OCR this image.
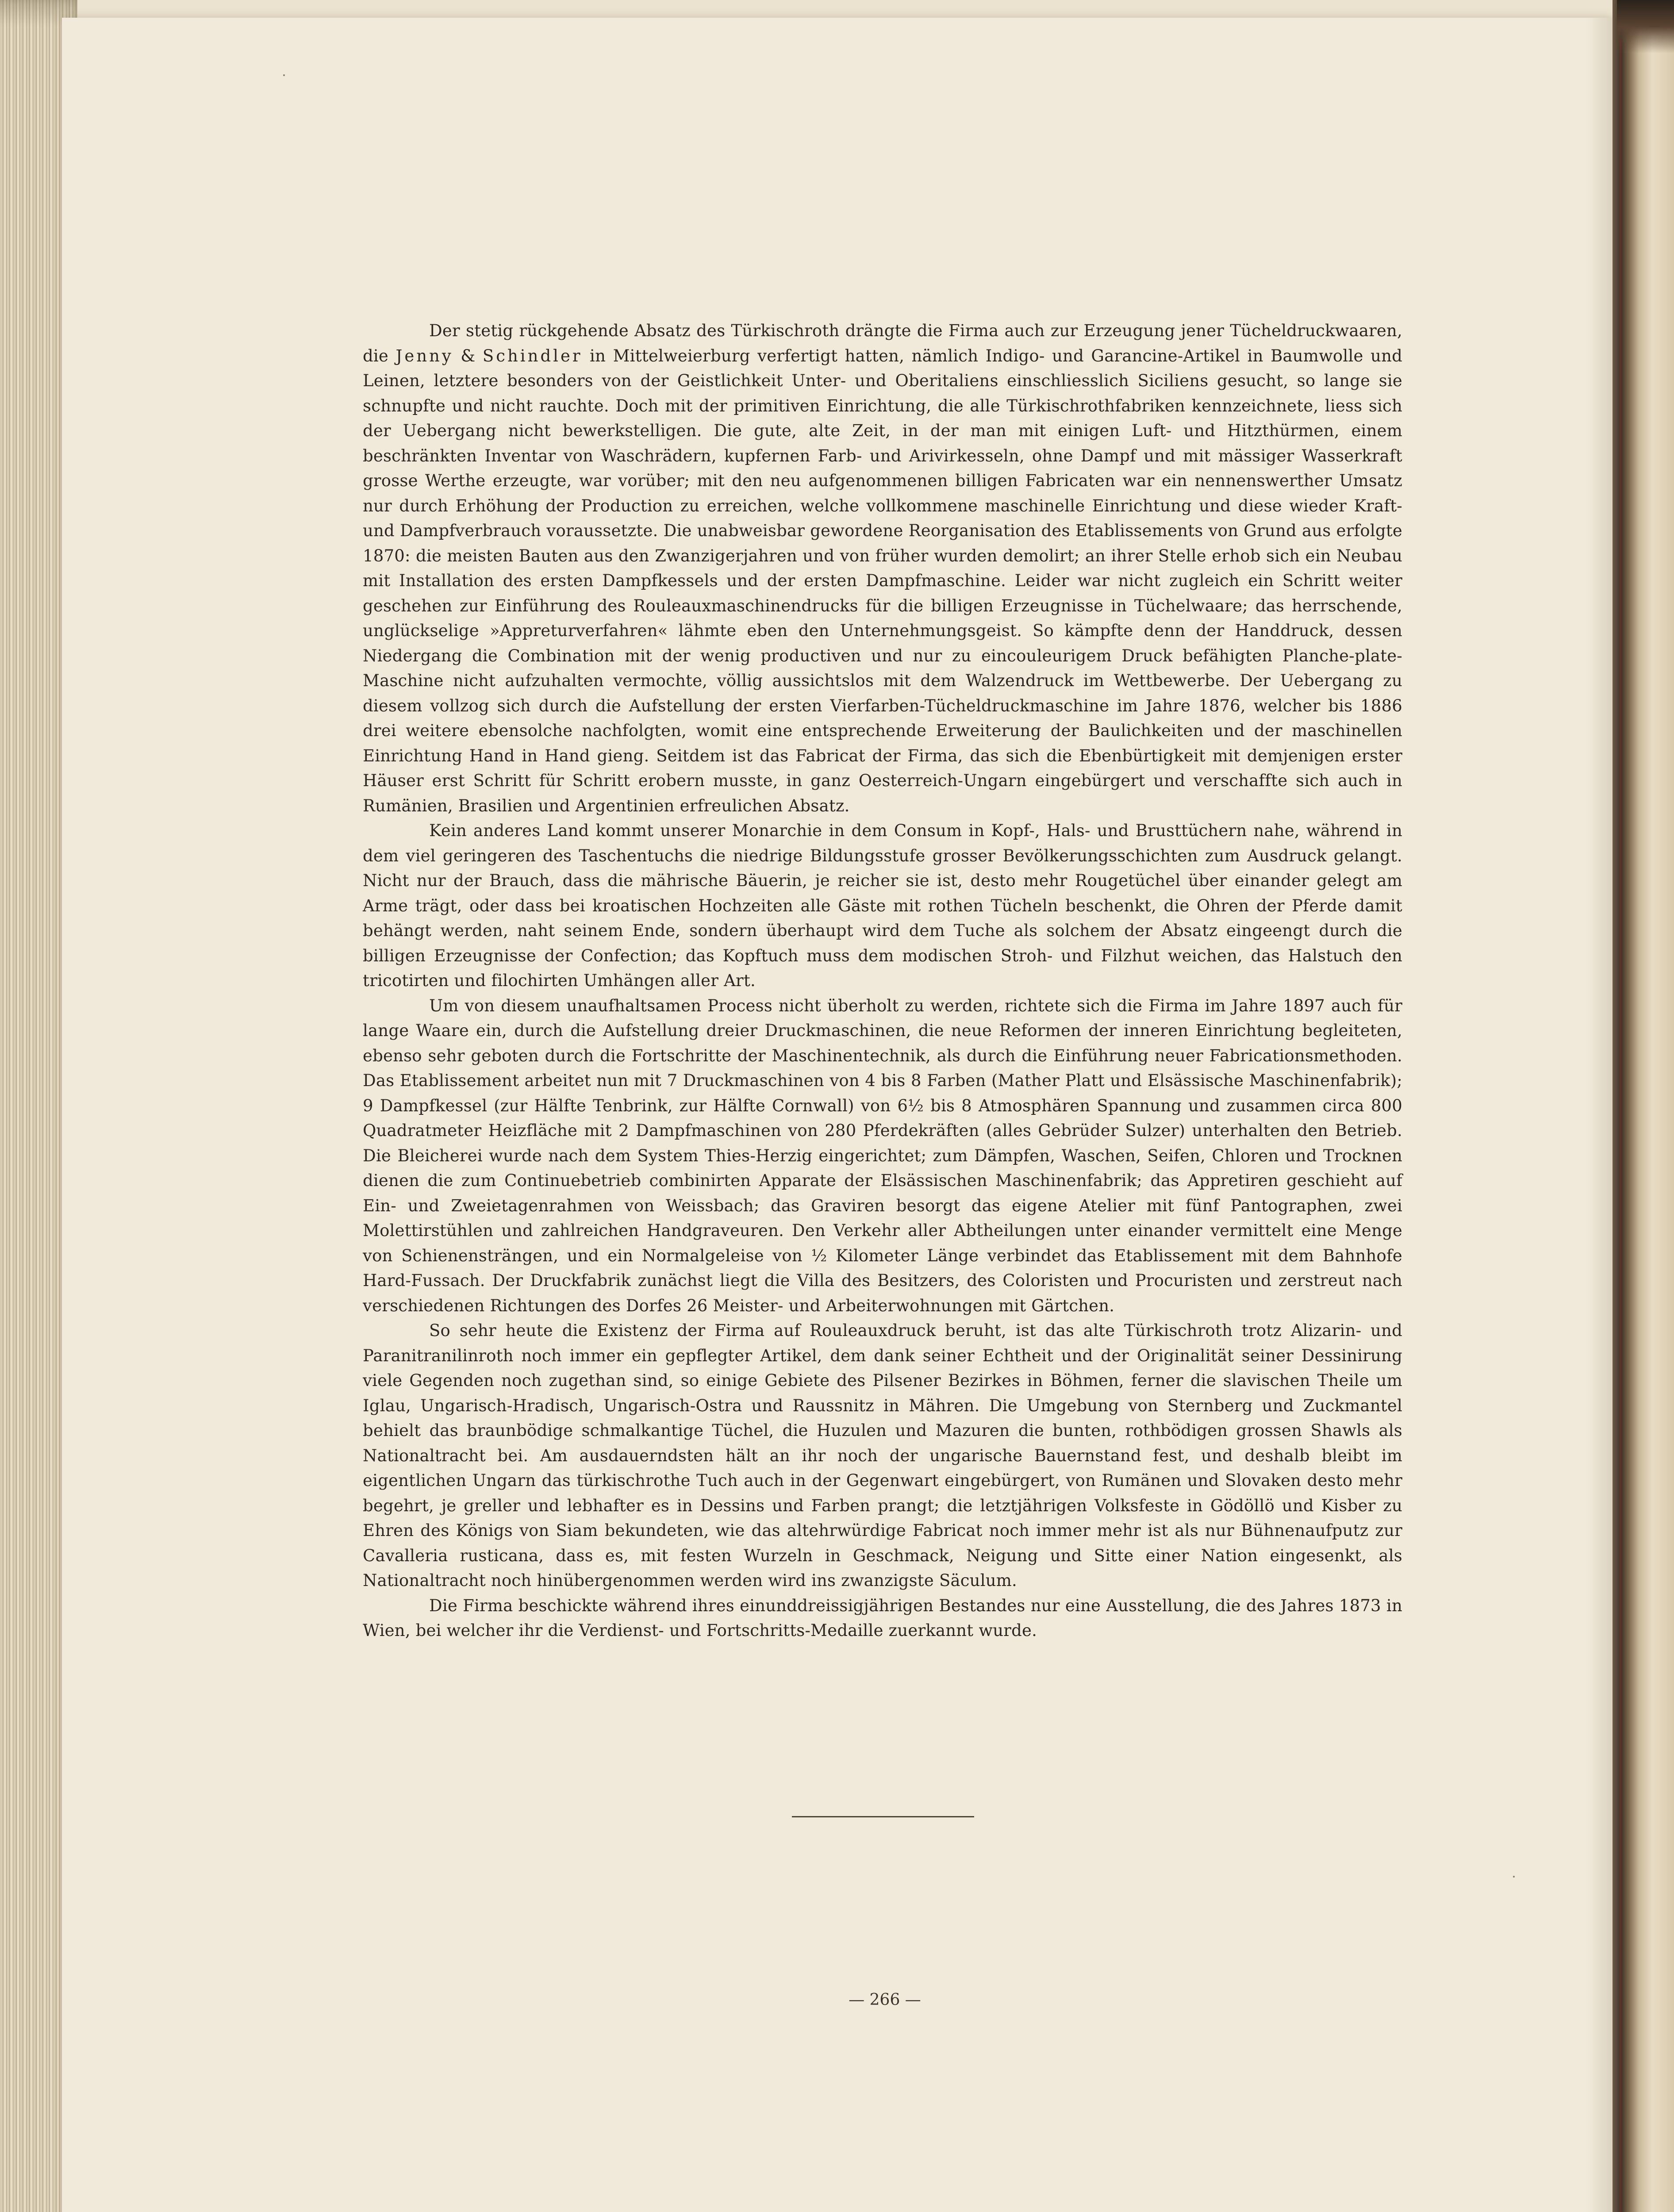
Der stetig rückgehende Absatz des Türkischroth drängte die Firma auch zur Erzeugung jener Tücheldruckwaaren, die Jenny & Schindler in Mittelweierburg verfertigt hatten, nämlich Indigo- und Garancine-Artikel in Baumwolle und Leinen, letztere besonders von der Geistlichkeit Unter- und Oberitaliens einschliesslich Siciliens gesucht, so lange sie schnupfte und nicht rauchte. Doch mit der primitiven Einrichtung, die alle Türkischrothfabriken kennzeichnete, liess sich der Uebergang nicht bewerkstelligen. Die gute, alte Zeit, in der man mit einigen Luft- und Hitzthürmen, einem beschränkten Inventar von Waschrädern, kupfernen Farb- und Arivirkesseln, ohne Dampf und mit mässiger Wasserkraft grosse Werthe erzeugte, war vorüber; mit den neu aufgenommenen billigen Fabricaten war ein nennenswerther Umsatz nur durch Erhöhung der Production zu erreichen, welche vollkommene maschinelle Einrichtung und diese wieder Kraft- und Dampfverbrauch voraussetzte. Die unabweisbar gewordene Reorganisation des Etablissements von Grund aus erfolgte 1870: die meisten Bauten aus den Zwanzigerjahren und von früher wurden demolirt; an ihrer Stelle erhob sich ein Neubau mit Installation des ersten Dampfkessels und der ersten Dampfmaschine. Leider war nicht zugleich ein Schritt weiter geschehen zur Einführung des Rouleauxmaschinendrucks für die billigen Erzeugnisse in Tüchelwaare; das herrschende, unglückselige »Appreturverfahren« lähmte eben den Unternehmungsgeist. So kämpfte denn der Handdruck, dessen Niedergang die Combination mit der wenig productiven und nur zu eincouleurigem Druck befähigten Planche-plate-Maschine nicht aufzuhalten vermochte, völlig aussichtslos mit dem Walzendruck im Wettbewerbe. Der Uebergang zu diesem vollzog sich durch die Aufstellung der ersten Vierfarben-Tücheldruckmaschine im Jahre 1876, welcher bis 1886 drei weitere ebensolche nachfolgten, womit eine entsprechende Erweiterung der Baulichkeiten und der maschinellen Einrichtung Hand in Hand gieng. Seitdem ist das Fabricat der Firma, das sich die Ebenbürtigkeit mit demjenigen erster Häuser erst Schritt für Schritt erobern musste, in ganz Oesterreich-Ungarn eingebürgert und verschaffte sich auch in Rumänien, Brasilien und Argentinien erfreulichen Absatz.

Kein anderes Land kommt unserer Monarchie in dem Consum in Kopf-, Hals- und Brusttüchern nahe, während in dem viel geringeren des Taschentuchs die niedrige Bildungsstufe grosser Bevölkerungsschichten zum Ausdruck gelangt. Nicht nur der Brauch, dass die mährische Bäuerin, je reicher sie ist, desto mehr Rougetüchel über einander gelegt am Arme trägt, oder dass bei kroatischen Hochzeiten alle Gäste mit rothen Tücheln beschenkt, die Ohren der Pferde damit behängt werden, naht seinem Ende, sondern überhaupt wird dem Tuche als solchem der Absatz eingeengt durch die billigen Erzeugnisse der Confection; das Kopftuch muss dem modischen Stroh- und Filzhut weichen, das Halstuch den tricotirten und filochirten Umhängen aller Art.

Um von diesem unaufhaltsamen Process nicht überholt zu werden, richtete sich die Firma im Jahre 1897 auch für lange Waare ein, durch die Aufstellung dreier Druckmaschinen, die neue Reformen der inneren Einrichtung begleiteten, ebenso sehr geboten durch die Fortschritte der Maschinentechnik, als durch die Einführung neuer Fabricationsmethoden. Das Etablissement arbeitet nun mit 7 Druckmaschinen von 4 bis 8 Farben (Mather Platt und Elsässische Maschinenfabrik); 9 Dampfkessel (zur Hälfte Tenbrink, zur Hälfte Cornwall) von 6½ bis 8 Atmosphären Spannung und zusammen circa 800 Quadratmeter Heizfläche mit 2 Dampfmaschinen von 280 Pferdekräften (alles Gebrüder Sulzer) unterhalten den Betrieb. Die Bleicherei wurde nach dem System Thies-Herzig eingerichtet; zum Dämpfen, Waschen, Seifen, Chloren und Trocknen dienen die zum Continuebetrieb combinirten Apparate der Elsässischen Maschinenfabrik; das Appretiren geschieht auf Ein- und Zweietagenrahmen von Weissbach; das Graviren besorgt das eigene Atelier mit fünf Pantographen, zwei Molettirstühlen und zahlreichen Handgraveuren. Den Verkehr aller Abtheilungen unter einander vermittelt eine Menge von Schienensträngen, und ein Normalgeleise von ½ Kilometer Länge verbindet das Etablissement mit dem Bahnhofe Hard-Fussach. Der Druckfabrik zunächst liegt die Villa des Besitzers, des Coloristen und Procuristen und zerstreut nach verschiedenen Richtungen des Dorfes 26 Meister- und Arbeiterwohnungen mit Gärtchen.

So sehr heute die Existenz der Firma auf Rouleauxdruck beruht, ist das alte Türkischroth trotz Alizarin- und Paranitranilinroth noch immer ein gepflegter Artikel, dem dank seiner Echtheit und der Originalität seiner Dessinirung viele Gegenden noch zugethan sind, so einige Gebiete des Pilsener Bezirkes in Böhmen, ferner die slavischen Theile um Iglau, Ungarisch-Hradisch, Ungarisch-Ostra und Raussnitz in Mähren. Die Umgebung von Sternberg und Zuckmantel behielt das braunbödige schmalkantige Tüchel, die Huzulen und Mazuren die bunten, rothbödigen grossen Shawls als Nationaltracht bei. Am ausdauerndsten hält an ihr noch der ungarische Bauernstand fest, und deshalb bleibt im eigentlichen Ungarn das türkischrothe Tuch auch in der Gegenwart eingebürgert, von Rumänen und Slovaken desto mehr begehrt, je greller und lebhafter es in Dessins und Farben prangt; die letztjährigen Volksfeste in Gödöllö und Kisber zu Ehren des Königs von Siam bekundeten, wie das altehrwürdige Fabricat noch immer mehr ist als nur Bühnenaufputz zur Cavalleria rusticana, dass es, mit festen Wurzeln in Geschmack, Neigung und Sitte einer Nation eingesenkt, als Nationaltracht noch hinübergenommen werden wird ins zwanzigste Säculum.

Die Firma beschickte während ihres einunddreissigjährigen Bestandes nur eine Ausstellung, die des Jahres 1873 in Wien, bei welcher ihr die Verdienst- und Fortschritts-Medaille zuerkannt wurde.

— 266 —
